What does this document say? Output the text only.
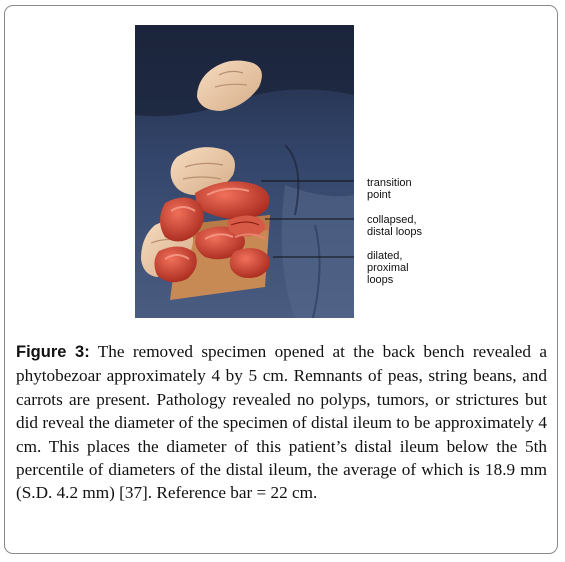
transition
point
collapsed,
distal loops
dilated,
proximal
loops

Figure 3: The removed specimen opened at the back bench revealed a phytobezoar approximately 4 by 5 cm. Remnants of peas, string beans, and carrots are present. Pathology revealed no polyps, tumors, or strictures but did reveal the diameter of the specimen of distal ileum to be approximately 4 cm. This places the diameter of this patient’s distal ileum below the 5th percentile of diameters of the distal ileum, the average of which is 18.9 mm (S.D. 4.2 mm) [37]. Reference bar = 22 cm.
